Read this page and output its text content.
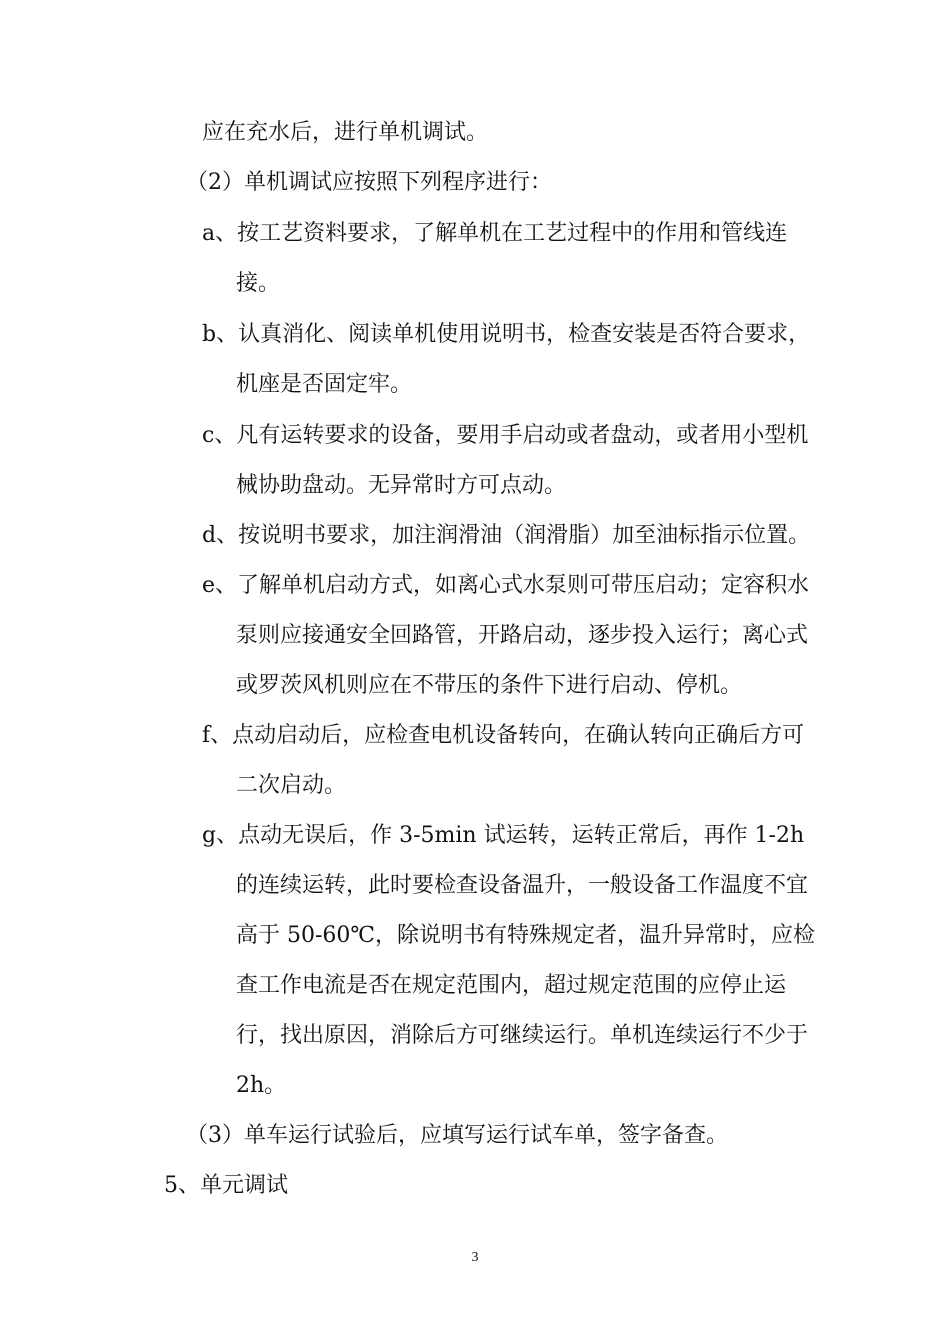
应在充水后，进行单机调试。
（2）单机调试应按照下列程序进行：
a、按工艺资料要求，了解单机在工艺过程中的作用和管线连
接。
b、认真消化、阅读单机使用说明书，检查安装是否符合要求，
机座是否固定牢。
c、凡有运转要求的设备，要用手启动或者盘动，或者用小型机
械协助盘动。无异常时方可点动。
d、按说明书要求，加注润滑油（润滑脂）加至油标指示位置。
e、了解单机启动方式，如离心式水泵则可带压启动；定容积水
泵则应接通安全回路管，开路启动，逐步投入运行；离心式
或罗茨风机则应在不带压的条件下进行启动、停机。
f、点动启动后，应检查电机设备转向，在确认转向正确后方可
二次启动。
g、点动无误后，作 3-5min 试运转，运转正常后，再作 1-2h
的连续运转，此时要检查设备温升，一般设备工作温度不宜
高于 50-60℃，除说明书有特殊规定者，温升异常时，应检
查工作电流是否在规定范围内，超过规定范围的应停止运
行，找出原因，消除后方可继续运行。单机连续运行不少于
2h。
（3）单车运行试验后，应填写运行试车单，签字备查。
5、单元调试
3
